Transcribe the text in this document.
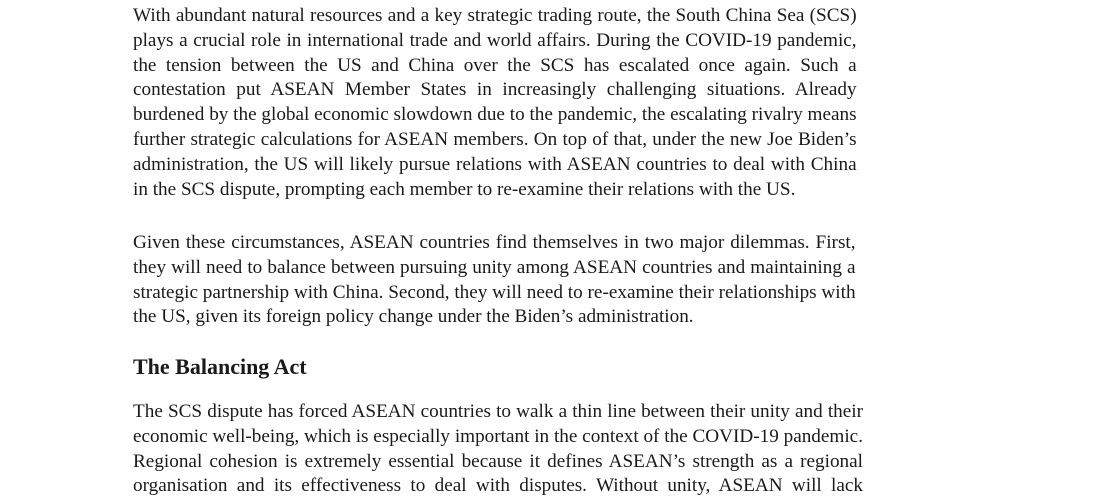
With abundant natural resources and a key strategic trading route, the South China Sea (SCS)
plays a crucial role in international trade and world affairs. During the COVID-19 pandemic,
the tension between the US and China over the SCS has escalated once again. Such a
contestation put ASEAN Member States in increasingly challenging situations. Already
burdened by the global economic slowdown due to the pandemic, the escalating rivalry means
further strategic calculations for ASEAN members. On top of that, under the new Joe Biden’s
administration, the US will likely pursue relations with ASEAN countries to deal with China
in the SCS dispute, prompting each member to re-examine their relations with the US.

Given these circumstances, ASEAN countries find themselves in two major dilemmas. First,
they will need to balance between pursuing unity among ASEAN countries and maintaining a
strategic partnership with China. Second, they will need to re-examine their relationships with
the US, given its foreign policy change under the Biden’s administration.

The Balancing Act

The SCS dispute has forced ASEAN countries to walk a thin line between their unity and their
economic well-being, which is especially important in the context of the COVID-19 pandemic.
Regional cohesion is extremely essential because it defines ASEAN’s strength as a regional
organisation and its effectiveness to deal with disputes. Without unity, ASEAN will lack
